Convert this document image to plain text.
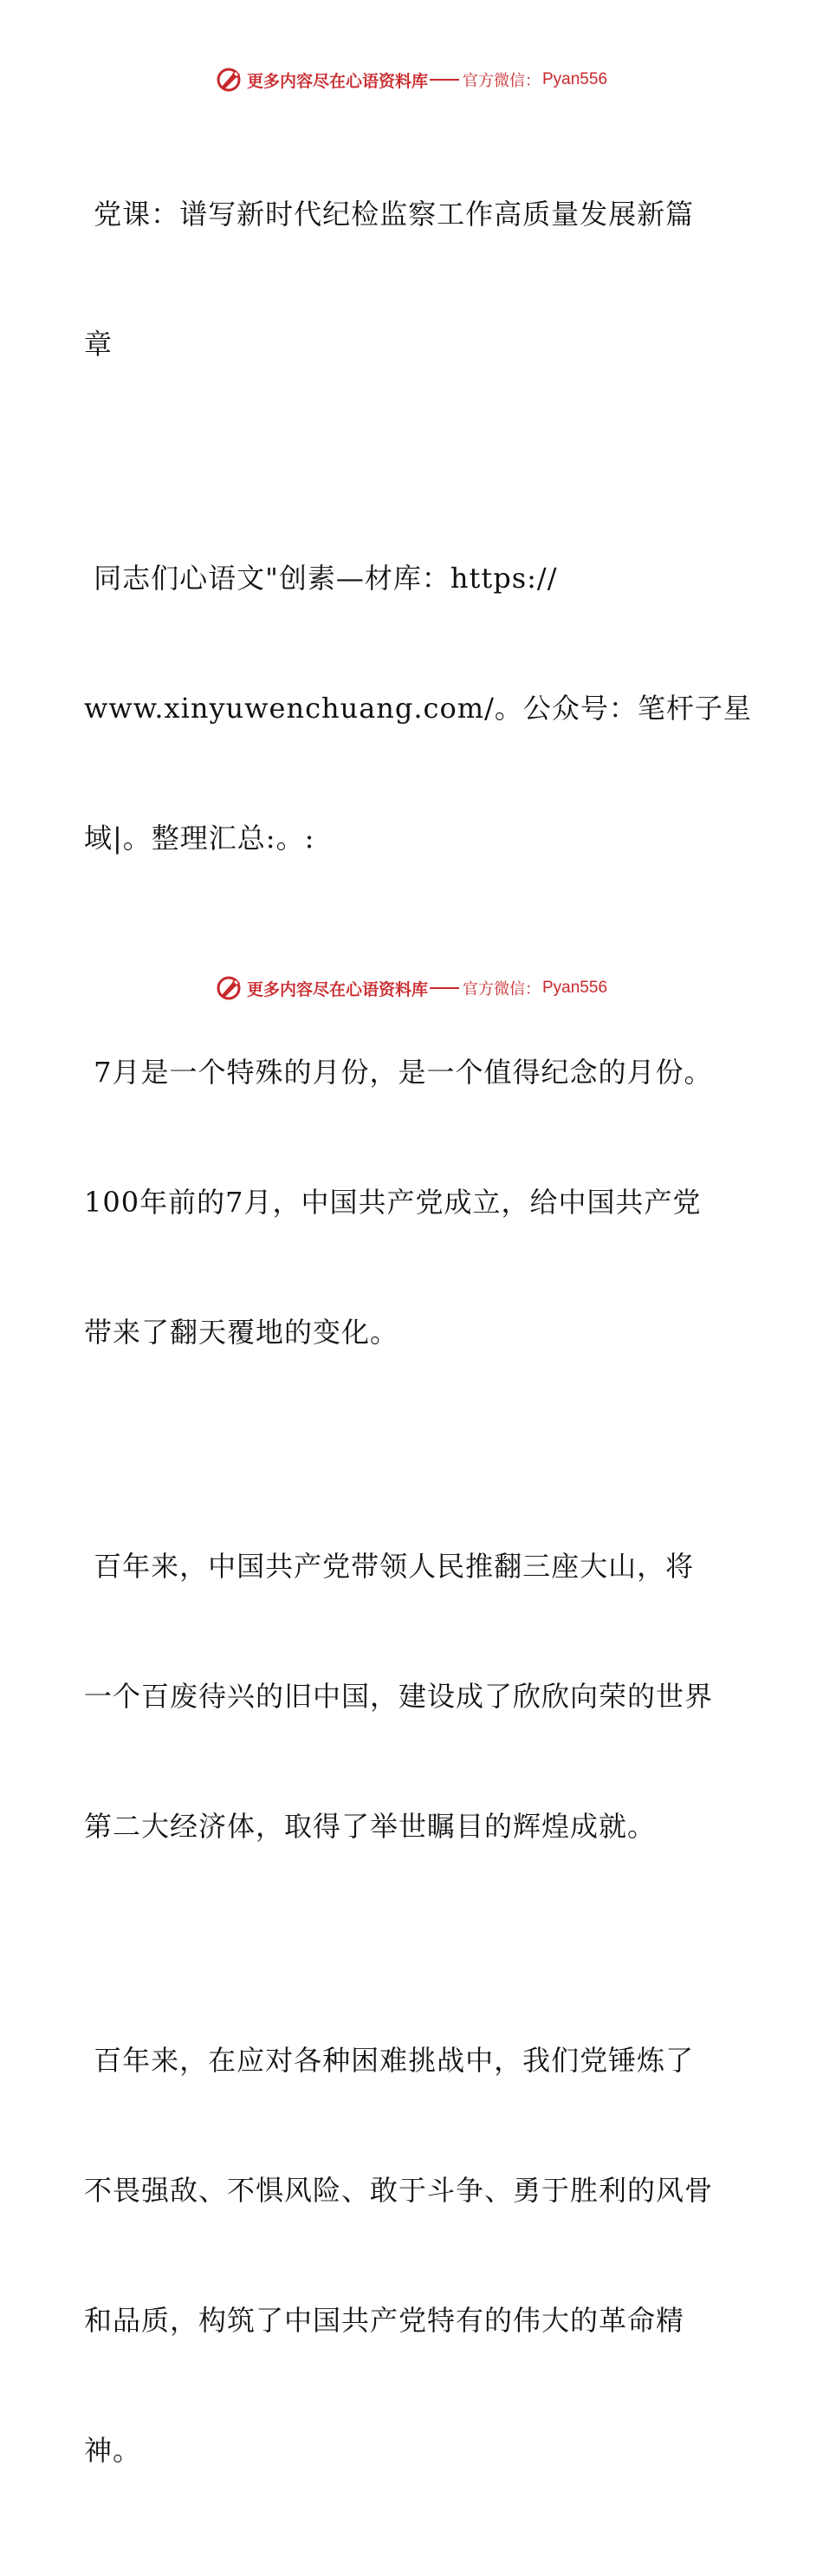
更多内容尽在心语资料库 官方微信： Pyan556

党课：谱写新时代纪检监察工作高质量发展新篇

章

同志们心语文"创素—材库：https://

www.xinyuwenchuang.com/。公众号：笔杆子星

域|。整理汇总:。:

7月是一个特殊的月份，是一个值得纪念的月份。

100年前的7月，中国共产党成立，给中国共产党

带来了翻天覆地的变化。

百年来，中国共产党带领人民推翻三座大山，将

一个百废待兴的旧中国，建设成了欣欣向荣的世界

第二大经济体，取得了举世瞩目的辉煌成就。

百年来，在应对各种困难挑战中，我们党锤炼了

不畏强敌、不惧风险、敢于斗争、勇于胜利的风骨

和品质，构筑了中国共产党特有的伟大的革命精

神。

更多内容尽在心语资料库 官方微信： Pyan556
